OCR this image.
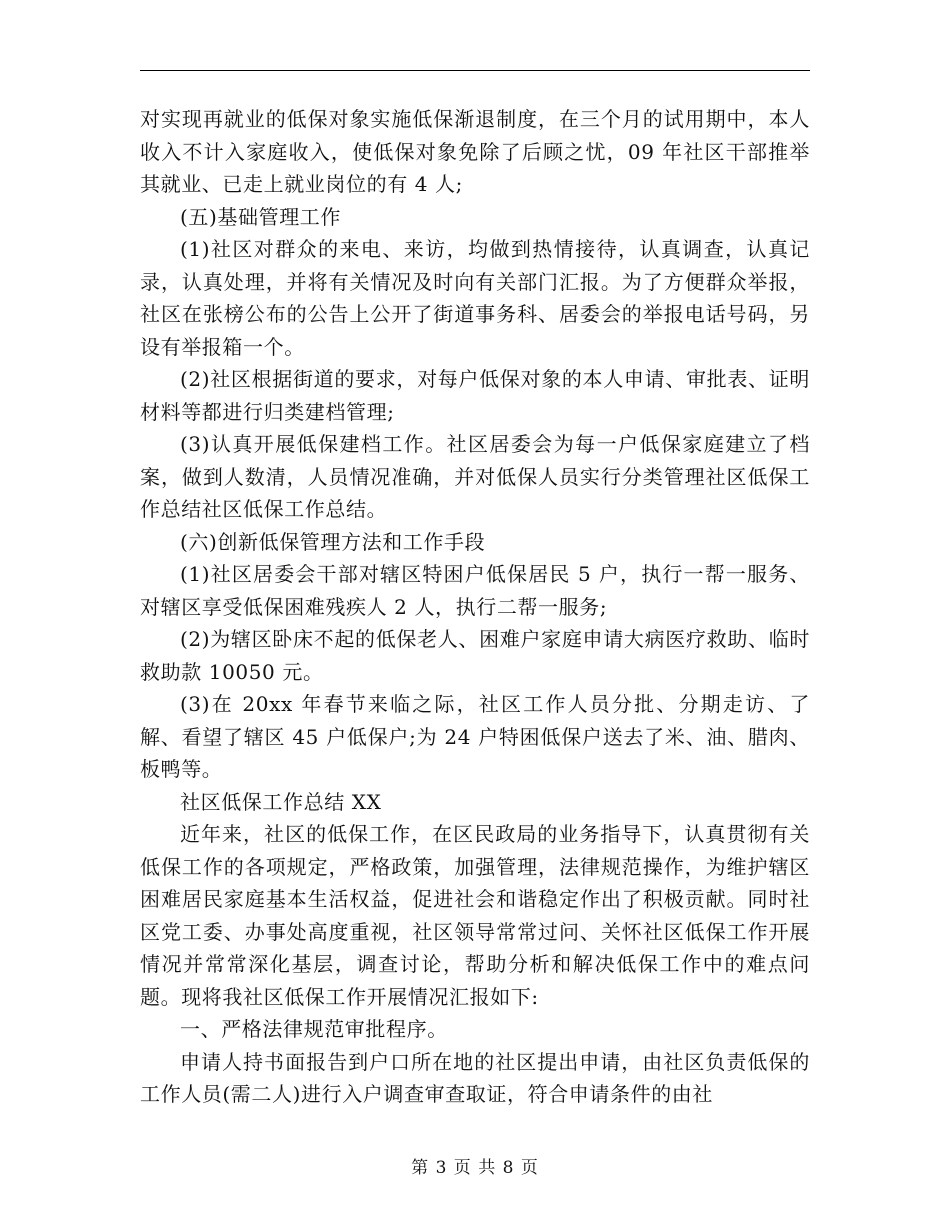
对实现再就业的低保对象实施低保渐退制度，在三个月的试用期中，本人收入不计入家庭收入，使低保对象免除了后顾之忧，09 年社区干部推举其就业、已走上就业岗位的有 4 人;

(五)基础管理工作

(1)社区对群众的来电、来访，均做到热情接待，认真调查，认真记录，认真处理，并将有关情况及时向有关部门汇报。为了方便群众举报，社区在张榜公布的公告上公开了街道事务科、居委会的举报电话号码，另设有举报箱一个。

(2)社区根据街道的要求，对每户低保对象的本人申请、审批表、证明材料等都进行归类建档管理;

(3)认真开展低保建档工作。社区居委会为每一户低保家庭建立了档案，做到人数清，人员情况准确，并对低保人员实行分类管理社区低保工作总结社区低保工作总结。

(六)创新低保管理方法和工作手段

(1)社区居委会干部对辖区特困户低保居民 5 户，执行一帮一服务、对辖区享受低保困难残疾人 2 人，执行二帮一服务;

(2)为辖区卧床不起的低保老人、困难户家庭申请大病医疗救助、临时救助款 10050 元。

(3)在 20xx 年春节来临之际，社区工作人员分批、分期走访、了解、看望了辖区 45 户低保户;为 24 户特困低保户送去了米、油、腊肉、板鸭等。

社区低保工作总结 XX

近年来，社区的低保工作，在区民政局的业务指导下，认真贯彻有关低保工作的各项规定，严格政策，加强管理，法律规范操作，为维护辖区困难居民家庭基本生活权益，促进社会和谐稳定作出了积极贡献。同时社区党工委、办事处高度重视，社区领导常常过问、关怀社区低保工作开展情况并常常深化基层，调查讨论，帮助分析和解决低保工作中的难点问题。现将我社区低保工作开展情况汇报如下:

一、严格法律规范审批程序。

申请人持书面报告到户口所在地的社区提出申请，由社区负责低保的工作人员(需二人)进行入户调查审查取证，符合申请条件的由社

第 3 页 共 8 页
